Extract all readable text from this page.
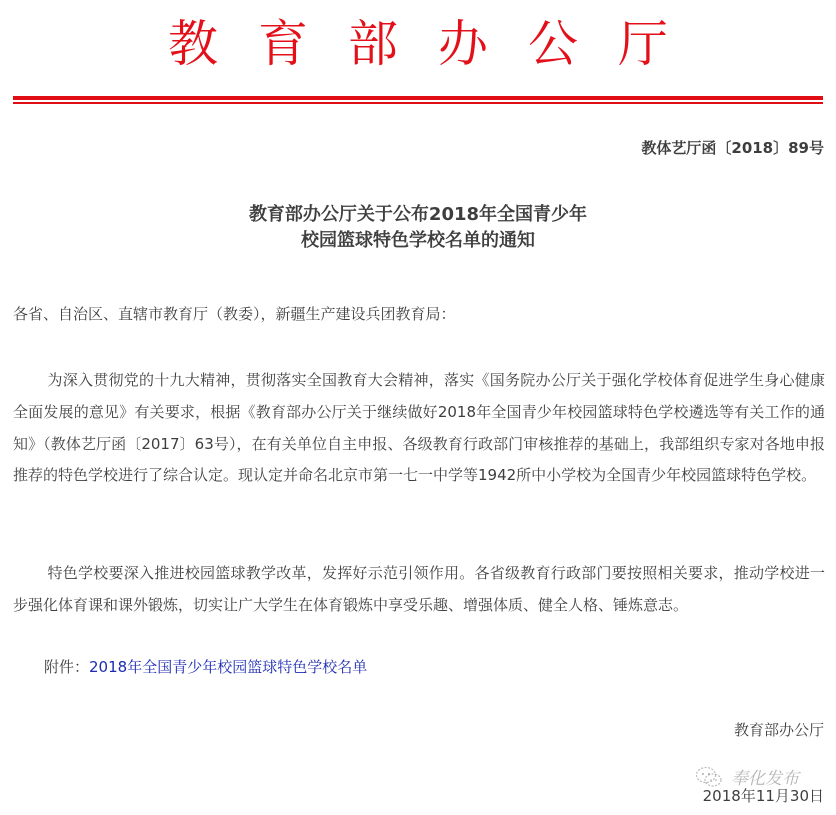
教育部办公厅
教体艺厅函〔2018〕89号
教育部办公厅关于公布2018年全国青少年
校园篮球特色学校名单的通知
各省、自治区、直辖市教育厅（教委），新疆生产建设兵团教育局：
为深入贯彻党的十九大精神，贯彻落实全国教育大会精神，落实《国务院办公厅关于强化学校体育促进学生身心健康全面发展的意见》有关要求，根据《教育部办公厅关于继续做好2018年全国青少年校园篮球特色学校遴选等有关工作的通知》（教体艺厅函〔2017〕63号），在有关单位自主申报、各级教育行政部门审核推荐的基础上，我部组织专家对各地申报推荐的特色学校进行了综合认定。现认定并命名北京市第一七一中学等1942所中小学校为全国青少年校园篮球特色学校。
特色学校要深入推进校园篮球教学改革，发挥好示范引领作用。各省级教育行政部门要按照相关要求，推动学校进一步强化体育课和课外锻炼，切实让广大学生在体育锻炼中享受乐趣、增强体质、健全人格、锤炼意志。
附件：2018年全国青少年校园篮球特色学校名单
教育部办公厅
奉化发布
2018年11月30日
